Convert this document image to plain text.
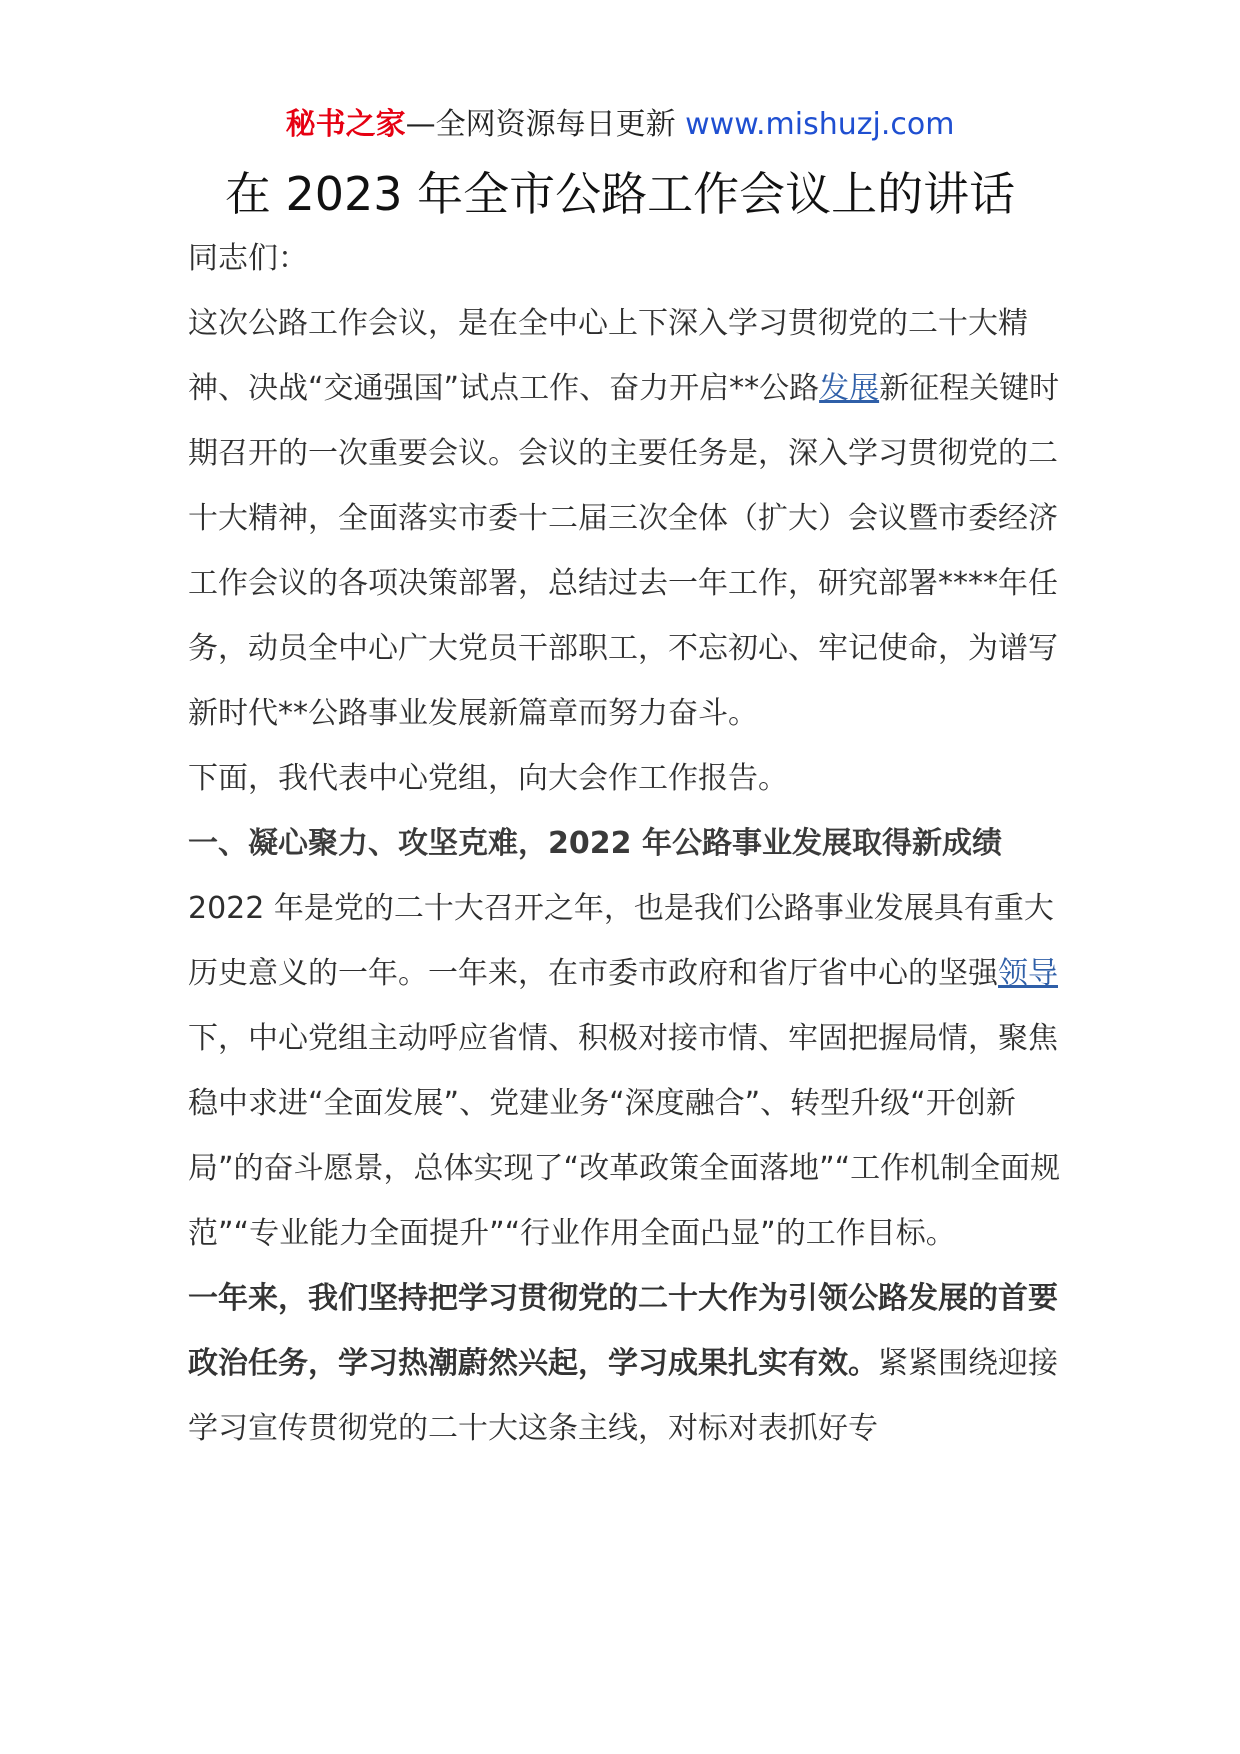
秘书之家—全网资源每日更新 www.mishuzj.com
在 2023 年全市公路工作会议上的讲话

同志们：

这次公路工作会议，是在全中心上下深入学习贯彻党的二十大精神、决战“交通强国”试点工作、奋力开启**公路发展新征程关键时期召开的一次重要会议。会议的主要任务是，深入学习贯彻党的二十大精神，全面落实市委十二届三次全体（扩大）会议暨市委经济工作会议的各项决策部署，总结过去一年工作，研究部署****年任务，动员全中心广大党员干部职工，不忘初心、牢记使命，为谱写新时代**公路事业发展新篇章而努力奋斗。

下面，我代表中心党组，向大会作工作报告。

一、凝心聚力、攻坚克难，2022 年公路事业发展取得新成绩

2022 年是党的二十大召开之年，也是我们公路事业发展具有重大历史意义的一年。一年来，在市委市政府和省厅省中心的坚强领导下，中心党组主动呼应省情、积极对接市情、牢固把握局情，聚焦稳中求进“全面发展”、党建业务“深度融合”、转型升级“开创新局”的奋斗愿景，总体实现了“改革政策全面落地”“工作机制全面规范”“专业能力全面提升”“行业作用全面凸显”的工作目标。

一年来，我们坚持把学习贯彻党的二十大作为引领公路发展的首要政治任务，学习热潮蔚然兴起，学习成果扎实有效。紧紧围绕迎接学习宣传贯彻党的二十大这条主线，对标对表抓好专
